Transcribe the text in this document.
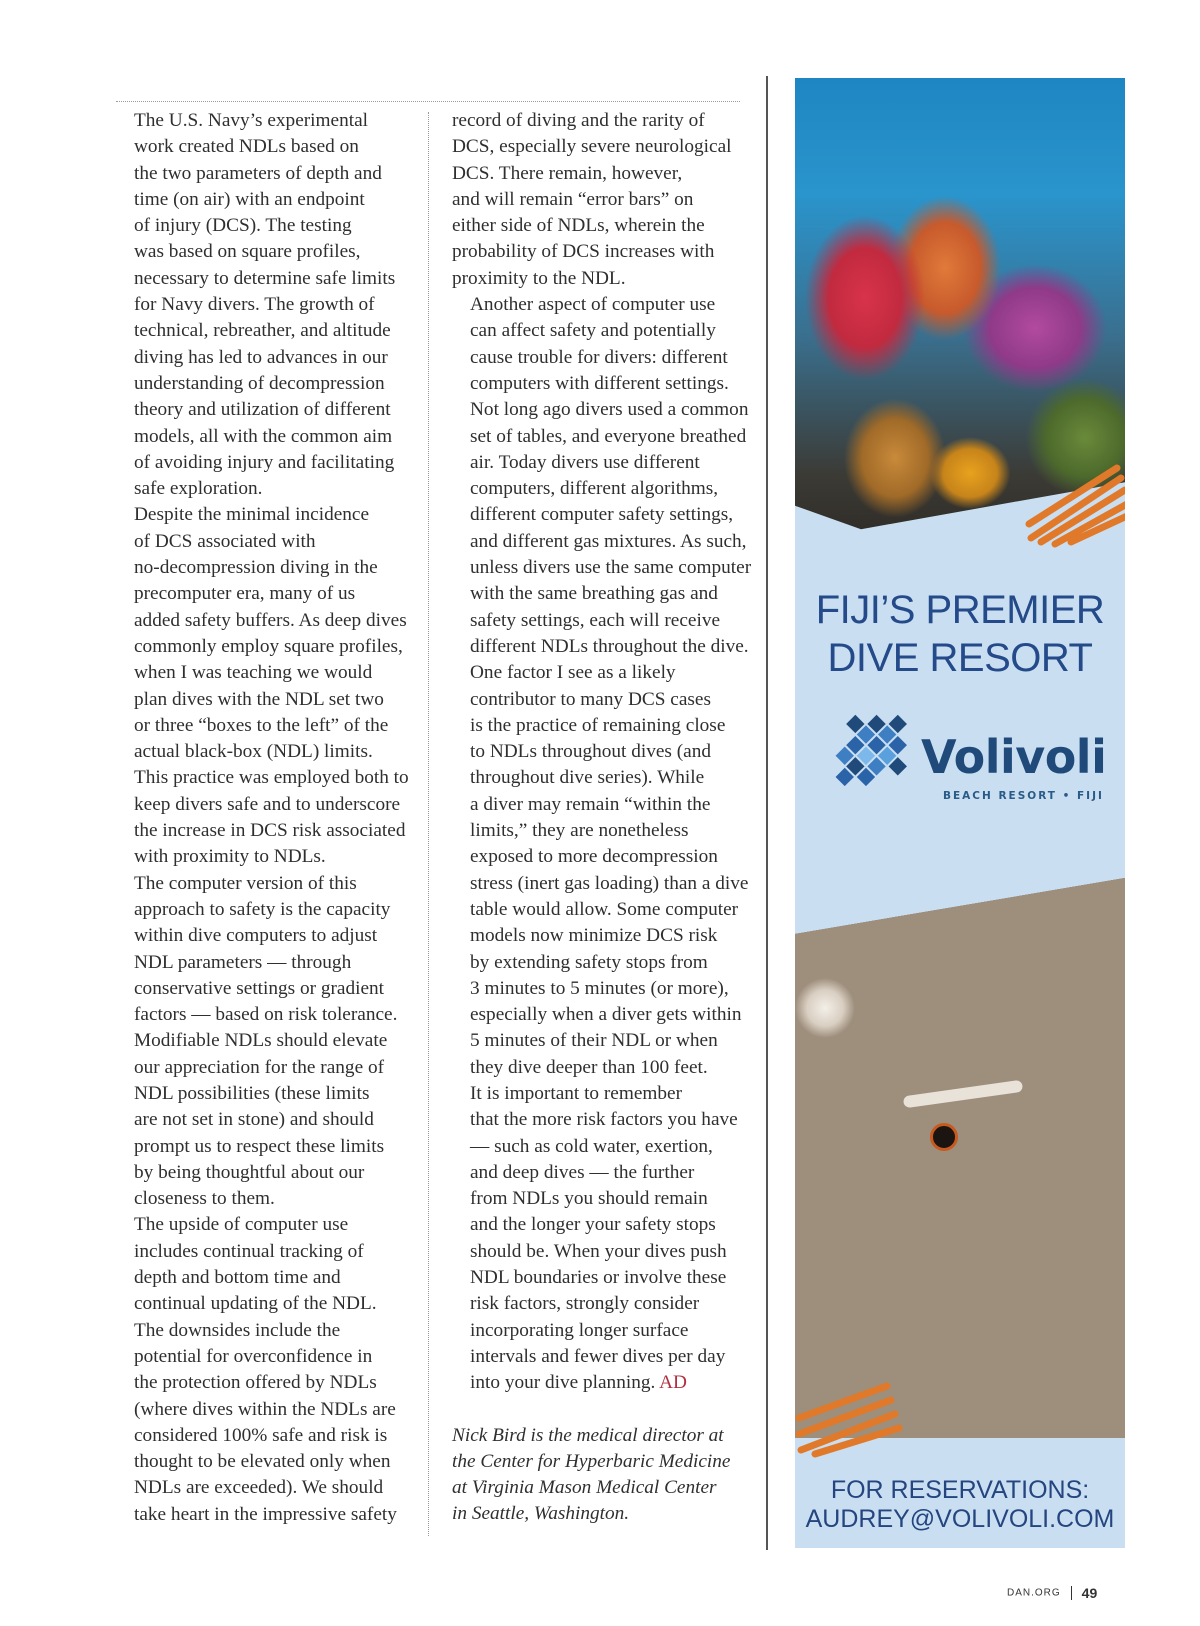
The U.S. Navy’s experimental
work created NDLs based on
the two parameters of depth and
time (on air) with an endpoint
of injury (DCS). The testing
was based on square profiles,
necessary to determine safe limits
for Navy divers. The growth of
technical, rebreather, and altitude
diving has led to advances in our
understanding of decompression
theory and utilization of different
models, all with the common aim
of avoiding injury and facilitating
safe exploration.

Despite the minimal incidence
of DCS associated with
no-decompression diving in the
precomputer era, many of us
added safety buffers. As deep dives
commonly employ square profiles,
when I was teaching we would
plan dives with the NDL set two
or three “boxes to the left” of the
actual black-box (NDL) limits.
This practice was employed both to
keep divers safe and to underscore
the increase in DCS risk associated
with proximity to NDLs.

The computer version of this
approach to safety is the capacity
within dive computers to adjust
NDL parameters — through
conservative settings or gradient
factors — based on risk tolerance.
Modifiable NDLs should elevate
our appreciation for the range of
NDL possibilities (these limits
are not set in stone) and should
prompt us to respect these limits
by being thoughtful about our
closeness to them.

The upside of computer use
includes continual tracking of
depth and bottom time and
continual updating of the NDL.
The downsides include the
potential for overconfidence in
the protection offered by NDLs
(where dives within the NDLs are
considered 100% safe and risk is
thought to be elevated only when
NDLs are exceeded). We should
take heart in the impressive safety

record of diving and the rarity of
DCS, especially severe neurological
DCS. There remain, however,
and will remain “error bars” on
either side of NDLs, wherein the
probability of DCS increases with
proximity to the NDL.

Another aspect of computer use
can affect safety and potentially
cause trouble for divers: different
computers with different settings.
Not long ago divers used a common
set of tables, and everyone breathed
air. Today divers use different
computers, different algorithms,
different computer safety settings,
and different gas mixtures. As such,
unless divers use the same computer
with the same breathing gas and
safety settings, each will receive
different NDLs throughout the dive.

One factor I see as a likely
contributor to many DCS cases
is the practice of remaining close
to NDLs throughout dives (and
throughout dive series). While
a diver may remain “within the
limits,” they are nonetheless
exposed to more decompression
stress (inert gas loading) than a dive
table would allow. Some computer
models now minimize DCS risk
by extending safety stops from
3 minutes to 5 minutes (or more),
especially when a diver gets within
5 minutes of their NDL or when
they dive deeper than 100 feet.

It is important to remember
that the more risk factors you have
— such as cold water, exertion,
and deep dives — the further
from NDLs you should remain
and the longer your safety stops
should be. When your dives push
NDL boundaries or involve these
risk factors, strongly consider
incorporating longer surface
intervals and fewer dives per day
into your dive planning. AD

Nick Bird is the medical director at
the Center for Hyperbaric Medicine
at Virginia Mason Medical Center
in Seattle, Washington.

FIJI’S PREMIER
DIVE RESORT
Volivoli
BEACH RESORT • FIJI
FOR RESERVATIONS:
AUDREY@VOLIVOLI.COM
DAN.ORG 49
